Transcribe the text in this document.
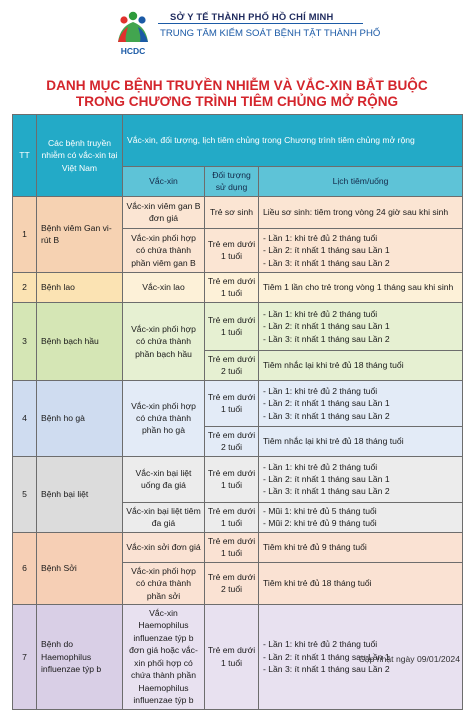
HCDC
SỞ Y TẾ THÀNH PHỐ HỒ CHÍ MINH
TRUNG TÂM KIỂM SOÁT BỆNH TẬT THÀNH PHỐ
DANH MỤC BỆNH TRUYỀN NHIỄM VÀ VẮC-XIN BẮT BUỘC
TRONG CHƯƠNG TRÌNH TIÊM CHỦNG MỞ RỘNG
TT	Các bệnh truyền nhiễm có vắc-xin tại Việt Nam	Vắc-xin, đối tượng, lịch tiêm chủng trong Chương trình tiêm chủng mở rộng		
		Vắc-xin	Đối tượng sử dụng	Lịch tiêm/uống
1	Bệnh viêm Gan vi-rút B	Vắc-xin viêm gan B đơn giá	Trẻ sơ sinh	Liều sơ sinh: tiêm trong vòng 24 giờ sau khi sinh

		Vắc-xin phối hợp có chứa thành phần viêm gan B	Trẻ em dưới 1 tuổi	- Lần 1: khi trẻ đủ 2 tháng tuổi
- Lần 2: ít nhất 1 tháng sau Lần 1
- Lần 3: ít nhất 1 tháng sau Lần 2

2	Bệnh lao	Vắc-xin lao	Trẻ em dưới 1 tuổi	Tiêm 1 lần cho trẻ trong vòng 1 tháng sau khi sinh

3	Bệnh bạch hầu	Vắc-xin phối hợp có chứa thành phần bạch hầu	Trẻ em dưới 1 tuổi	- Lần 1: khi trẻ đủ 2 tháng tuổi
- Lần 2: ít nhất 1 tháng sau Lần 1
- Lần 3: ít nhất 1 tháng sau Lần 2

			Trẻ em dưới 2 tuổi	Tiêm nhắc lại khi trẻ đủ 18 tháng tuổi

4	Bệnh ho gà	Vắc-xin phối hợp có chứa thành phần ho gà	Trẻ em dưới 1 tuổi	- Lần 1: khi trẻ đủ 2 tháng tuổi
- Lần 2: ít nhất 1 tháng sau Lần 1
- Lần 3: ít nhất 1 tháng sau Lần 2

			Trẻ em dưới 2 tuổi	Tiêm nhắc lại khi trẻ đủ 18 tháng tuổi

5	Bệnh bại liệt	Vắc-xin bại liệt uống đa giá	Trẻ em dưới 1 tuổi	- Lần 1: khi trẻ đủ 2 tháng tuổi
- Lần 2: ít nhất 1 tháng sau Lần 1
- Lần 3: ít nhất 1 tháng sau Lần 2

		Vắc-xin bại liệt tiêm đa giá	Trẻ em dưới 1 tuổi	- Mũi 1: khi trẻ đủ 5 tháng tuổi
- Mũi 2: khi trẻ đủ 9 tháng tuổi

6	Bệnh Sởi	Vắc-xin sởi đơn giá	Trẻ em dưới 1 tuổi	Tiêm khi trẻ đủ 9 tháng tuổi

		Vắc-xin phối hợp có chứa thành phần sởi	Trẻ em dưới 2 tuổi	Tiêm khi trẻ đủ 18 tháng tuổi

7	Bệnh do Haemophilus influenzae týp b	Vắc-xin Haemophilus influenzae týp b đơn giá hoặc vắc-xin phối hợp có chứa thành phần Haemophilus influenzae týp b	Trẻ em dưới 1 tuổi	- Lần 1: khi trẻ đủ 2 tháng tuổi
- Lần 2: ít nhất 1 tháng sau Lần 1
- Lần 3: ít nhất 1 tháng sau Lần 2
Cập nhật ngày 09/01/2024
